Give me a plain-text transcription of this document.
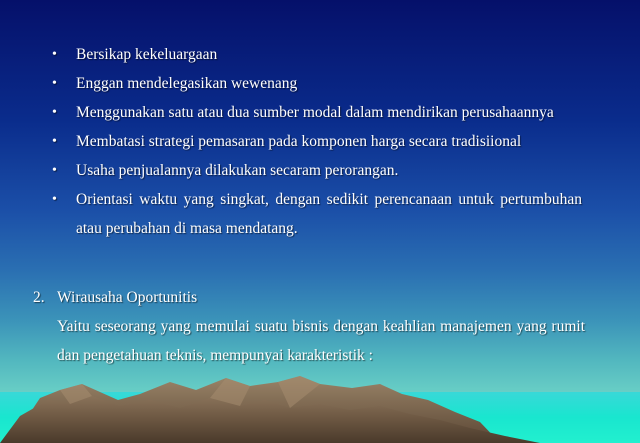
• Bersikap kekeluargaan
• Enggan mendelegasikan wewenang
• Menggunakan satu atau dua sumber modal dalam mendirikan perusahaannya
• Membatasi strategi pemasaran pada komponen harga secara tradisiional
• Usaha penjualannya dilakukan secaram perorangan.
• Orientasi waktu yang singkat, dengan sedikit perencanaan untuk pertumbuhan atau perubahan di masa mendatang.
2. Wirausaha Oportunitis
Yaitu seseorang yang memulai suatu bisnis dengan keahlian manajemen yang rumit dan pengetahuan teknis, mempunyai karakteristik :
